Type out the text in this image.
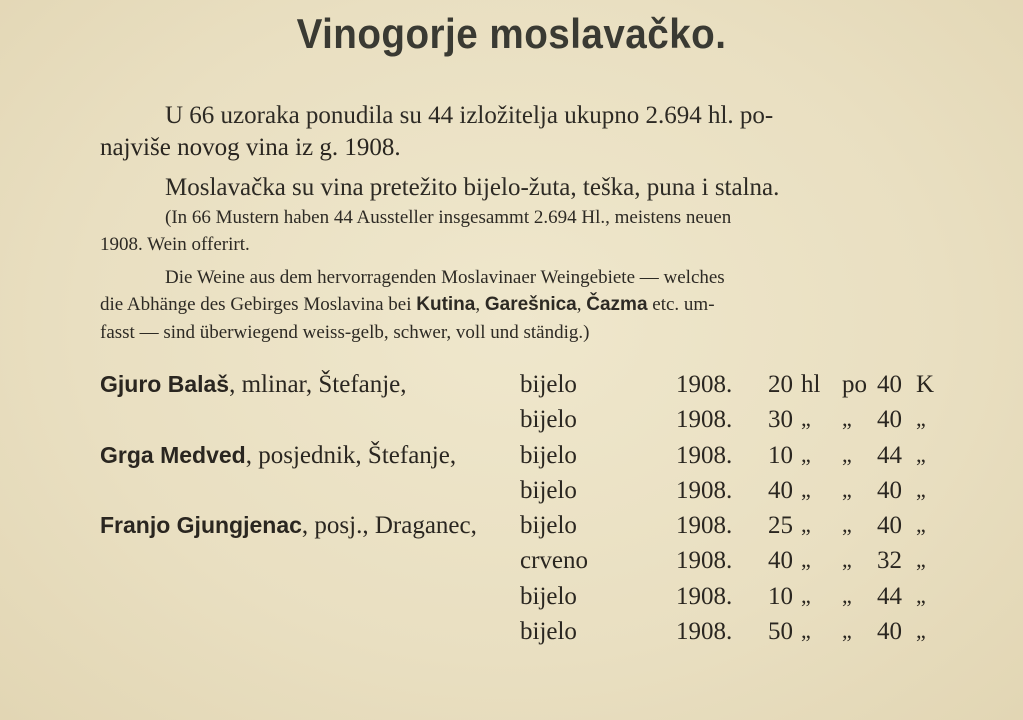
Vinogorje moslavačko.
U 66 uzoraka ponudila su 44 izložitelja ukupno 2.694 hl. po-
najviše novog vina iz g. 1908.
Moslavačka su vina pretežito bijelo-žuta, teška, puna i stalna.
(In 66 Mustern haben 44 Aussteller insgesammt 2.694 Hl., meistens neuen
1908. Wein offerirt.
Die Weine aus dem hervorragenden Moslavinaer Weingebiete — welches
die Abhänge des Gebirges Moslavina bei Kutina, Garešnica, Čazma etc. um-
fasst — sind überwiegend weiss-gelb, schwer, voll und ständig.)
Gjuro Balaš, mlinar, Štefanje,	bijelo	1908. 20 hl po 40 K
bijelo	1908. 30 „ „ 40 „
Grga Medved, posjednik, Štefanje,	bijelo	1908. 10 „ „ 44 „
bijelo	1908. 40 „ „ 40 „
Franjo Gjungjenac, posj., Draganec, bijelo	1908. 25 „ „ 40 „
crveno	1908. 40 „ „ 32 „
bijelo	1908. 10 „ „ 44 „
bijelo	1908. 50 „ „ 40 „
